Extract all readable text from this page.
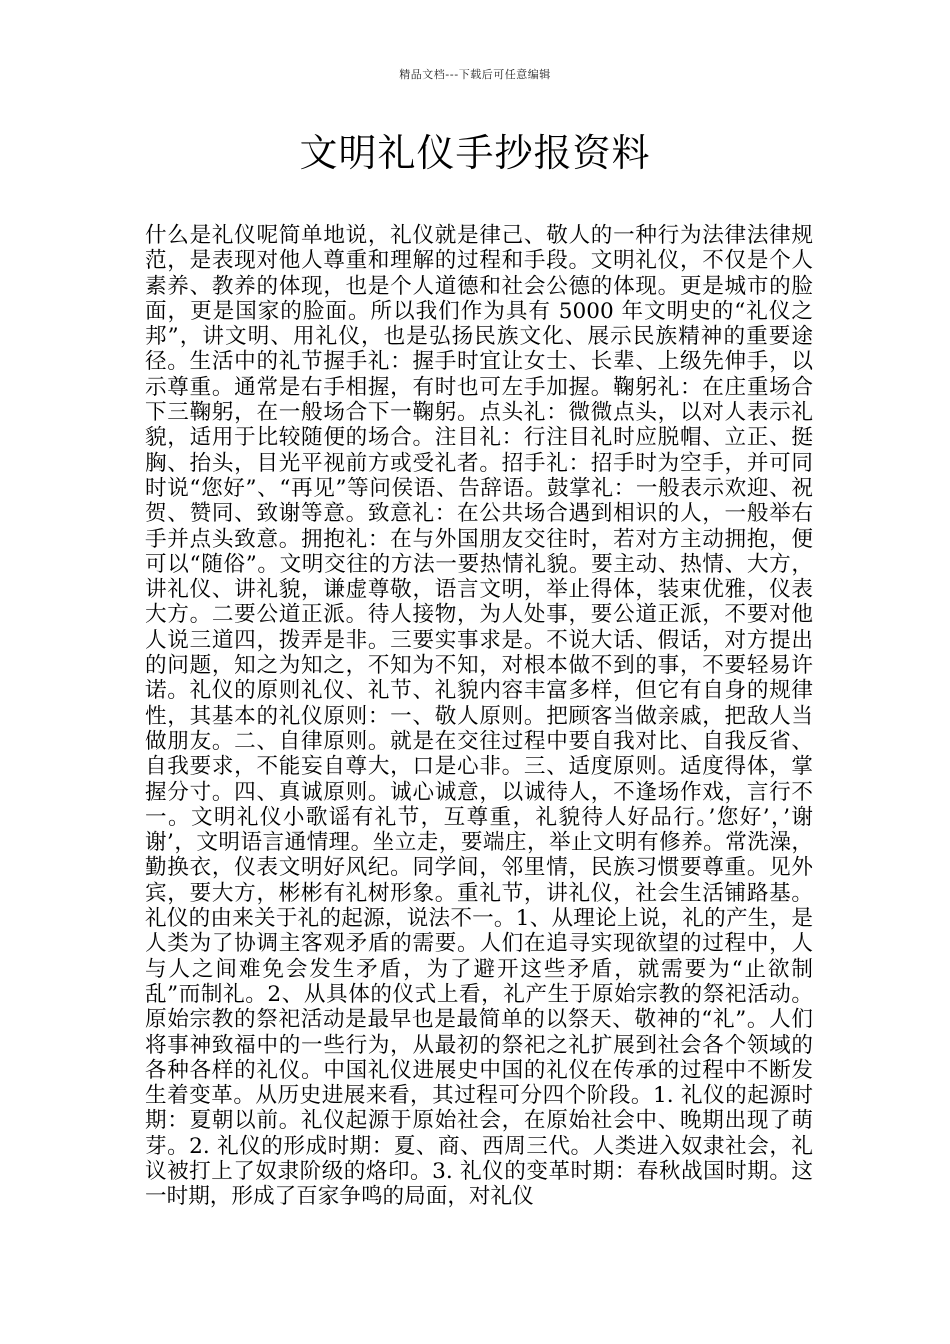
精品文档---下载后可任意编辑
文明礼仪手抄报资料

什么是礼仪呢简单地说，礼仪就是律己、敬人的一种行为法律法律规范，是表现对他人尊重和理解的过程和手段。文明礼仪，不仅是个人素养、教养的体现，也是个人道德和社会公德的体现。更是城市的脸面，更是国家的脸面。所以我们作为具有 5000 年文明史的“礼仪之邦”，讲文明、用礼仪，也是弘扬民族文化、展示民族精神的重要途径。生活中的礼节握手礼：握手时宜让女士、长辈、上级先伸手，以示尊重。通常是右手相握，有时也可左手加握。鞠躬礼：在庄重场合下三鞠躬，在一般场合下一鞠躬。点头礼：微微点头，以对人表示礼貌，适用于比较随便的场合。注目礼：行注目礼时应脱帽、立正、挺胸、抬头，目光平视前方或受礼者。招手礼：招手时为空手，并可同时说“您好”、“再见”等问侯语、告辞语。鼓掌礼：一般表示欢迎、祝贺、赞同、致谢等意。致意礼：在公共场合遇到相识的人，一般举右手并点头致意。拥抱礼：在与外国朋友交往时，若对方主动拥抱，便可以“随俗”。文明交往的方法一要热情礼貌。要主动、热情、大方，讲礼仪、讲礼貌，谦虚尊敬，语言文明，举止得体，装束优雅，仪表大方。二要公道正派。待人接物，为人处事，要公道正派，不要对他人说三道四，拨弄是非。三要实事求是。不说大话、假话，对方提出的问题，知之为知之，不知为不知，对根本做不到的事，不要轻易许诺。礼仪的原则礼仪、礼节、礼貌内容丰富多样，但它有自身的规律性，其基本的礼仪原则：一、敬人原则。把顾客当做亲戚，把敌人当做朋友。二、自律原则。就是在交往过程中要自我对比、自我反省、自我要求，不能妄自尊大，口是心非。三、适度原则。适度得体，掌握分寸。四、真诚原则。诚心诚意，以诚待人，不逢场作戏，言行不一。文明礼仪小歌谣有礼节，互尊重，礼貌待人好品行。’您好’，’谢谢’，文明语言通情理。坐立走，要端庄，举止文明有修养。常洗澡，勤换衣，仪表文明好风纪。同学间，邻里情，民族习惯要尊重。见外宾，要大方，彬彬有礼树形象。重礼节，讲礼仪，社会生活铺路基。礼仪的由来关于礼的起源，说法不一。1、从理论上说，礼的产生，是人类为了协调主客观矛盾的需要。人们在追寻实现欲望的过程中，人与人之间难免会发生矛盾，为了避开这些矛盾，就需要为“止欲制乱”而制礼。2、从具体的仪式上看，礼产生于原始宗教的祭祀活动。原始宗教的祭祀活动是最早也是最简单的以祭天、敬神的“礼”。人们将事神致福中的一些行为，从最初的祭祀之礼扩展到社会各个领域的各种各样的礼仪。中国礼仪进展史中国的礼仪在传承的过程中不断发生着变革。从历史进展来看，其过程可分四个阶段。1. 礼仪的起源时期：夏朝以前。礼仪起源于原始社会，在原始社会中、晚期出现了萌芽。2. 礼仪的形成时期：夏、商、西周三代。人类进入奴隶社会，礼议被打上了奴隶阶级的烙印。3. 礼仪的变革时期：春秋战国时期。这一时期，形成了百家争鸣的局面，对礼仪
